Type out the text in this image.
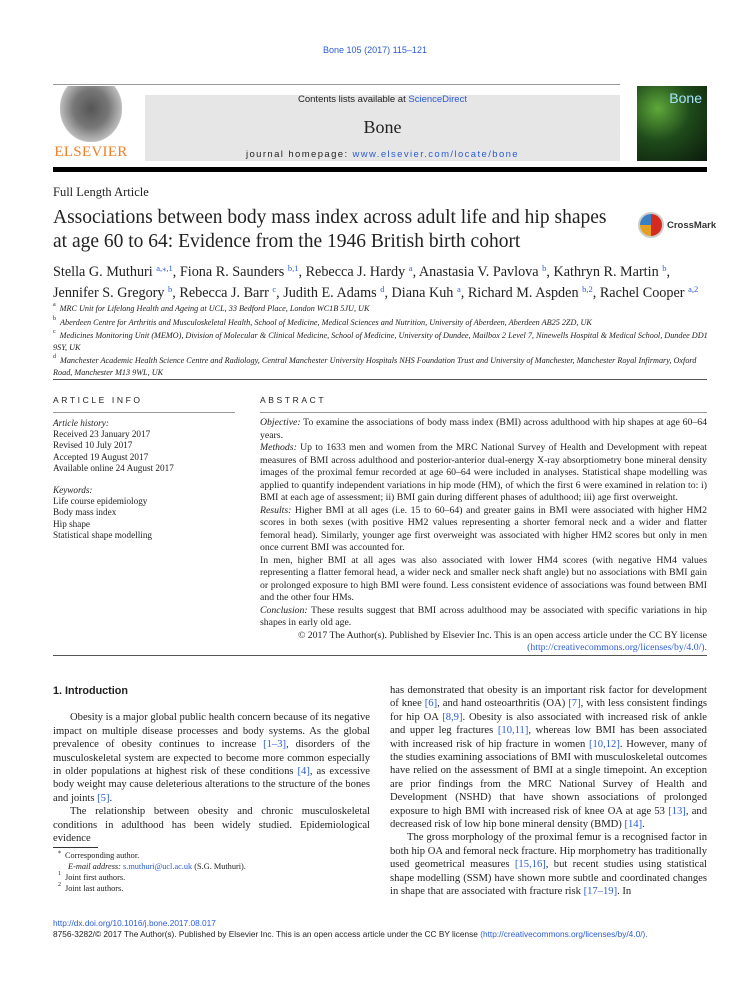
Bone 105 (2017) 115–121
ELSEVIER
Contents lists available at ScienceDirect
Bone
journal homepage: www.elsevier.com/locate/bone
Bone
Full Length Article
Associations between body mass index across adult life and hip shapes at age 60 to 64: Evidence from the 1946 British birth cohort
CrossMark
Stella G. Muthuri $^{a,⁎,1}$, Fiona R. Saunders $^{b,1}$, Rebecca J. Hardy $^a$, Anastasia V. Pavlova $^b$, Kathryn R. Martin $^b$, Jennifer S. Gregory $^b$, Rebecca J. Barr $^c$, Judith E. Adams $^d$, Diana Kuh $^a$, Richard M. Aspden $^{b,2}$, Rachel Cooper $^{a,2}$
$^a$ MRC Unit for Lifelong Health and Ageing at UCL, 33 Bedford Place, London WC1B 5JU, UK
$^b$ Aberdeen Centre for Arthritis and Musculoskeletal Health, School of Medicine, Medical Sciences and Nutrition, University of Aberdeen, Aberdeen AB25 2ZD, UK
$^c$ Medicines Monitoring Unit (MEMO), Division of Molecular & Clinical Medicine, School of Medicine, University of Dundee, Mailbox 2 Level 7, Ninewells Hospital & Medical School, Dundee DD1 9SY, UK
$^d$ Manchester Academic Health Science Centre and Radiology, Central Manchester University Hospitals NHS Foundation Trust and University of Manchester, Manchester Royal Infirmary, Oxford Road, Manchester M13 9WL, UK
ARTICLE INFO	ABSTRACT
Article history:
Received 23 January 2017
Revised 10 July 2017
Accepted 19 August 2017
Available online 24 August 2017
Keywords:
Life course epidemiology
Body mass index
Hip shape
Statistical shape modelling

Objective: To examine the associations of body mass index (BMI) across adulthood with hip shapes at age 60–64 years.

Methods: Up to 1633 men and women from the MRC National Survey of Health and Development with repeat measures of BMI across adulthood and posterior-anterior dual-energy X-ray absorptiometry bone mineral density images of the proximal femur recorded at age 60–64 were included in analyses. Statistical shape modelling was applied to quantify independent variations in hip mode (HM), of which the first 6 were examined in relation to: i) BMI at each age of assessment; ii) BMI gain during different phases of adulthood; iii) age first overweight.

Results: Higher BMI at all ages (i.e. 15 to 60–64) and greater gains in BMI were associated with higher HM2 scores in both sexes (with positive HM2 values representing a shorter femoral neck and a wider and flatter femoral head). Similarly, younger age first overweight was associated with higher HM2 scores but only in men once current BMI was accounted for.

In men, higher BMI at all ages was also associated with lower HM4 scores (with negative HM4 values representing a flatter femoral head, a wider neck and smaller neck shaft angle) but no associations with BMI gain or prolonged exposure to high BMI were found. Less consistent evidence of associations was found between BMI and the other four HMs.

Conclusion: These results suggest that BMI across adulthood may be associated with specific variations in hip shapes in early old age.

© 2017 The Author(s). Published by Elsevier Inc. This is an open access article under the CC BY license

(http://creativecommons.org/licenses/by/4.0/).

1. Introduction

Obesity is a major global public health concern because of its negative impact on multiple disease processes and body systems. As the global prevalence of obesity continues to increase [1–3], disorders of the musculoskeletal system are expected to become more common especially in older populations at highest risk of these conditions [4], as excessive body weight may cause deleterious alterations to the structure of the bones and joints [5].

The relationship between obesity and chronic musculoskeletal conditions in adulthood has been widely studied. Epidemiological evidence

has demonstrated that obesity is an important risk factor for development of knee [6], and hand osteoarthritis (OA) [7], with less consistent findings for hip OA [8,9]. Obesity is also associated with increased risk of ankle and upper leg fractures [10,11], whereas low BMI has been associated with increased risk of hip fracture in women [10,12]. However, many of the studies examining associations of BMI with musculoskeletal outcomes have relied on the assessment of BMI at a single timepoint. An exception are prior findings from the MRC National Survey of Health and Development (NSHD) that have shown associations of prolonged exposure to high BMI with increased risk of knee OA at age 53 [13], and decreased risk of low hip bone mineral density (BMD) [14].

The gross morphology of the proximal femur is a recognised factor in both hip OA and femoral neck fracture. Hip morphometry has traditionally used geometrical measures [15,16], but recent studies using statistical shape modelling (SSM) have shown more subtle and coordinated changes in shape that are associated with fracture risk [17–19]. In

⁎ Corresponding author.
E-mail address: s.muthuri@ucl.ac.uk (S.G. Muthuri).
$^1$ Joint first authors.
$^2$ Joint last authors.
http://dx.doi.org/10.1016/j.bone.2017.08.017
8756-3282/© 2017 The Author(s). Published by Elsevier Inc. This is an open access article under the CC BY license (http://creativecommons.org/licenses/by/4.0/).
